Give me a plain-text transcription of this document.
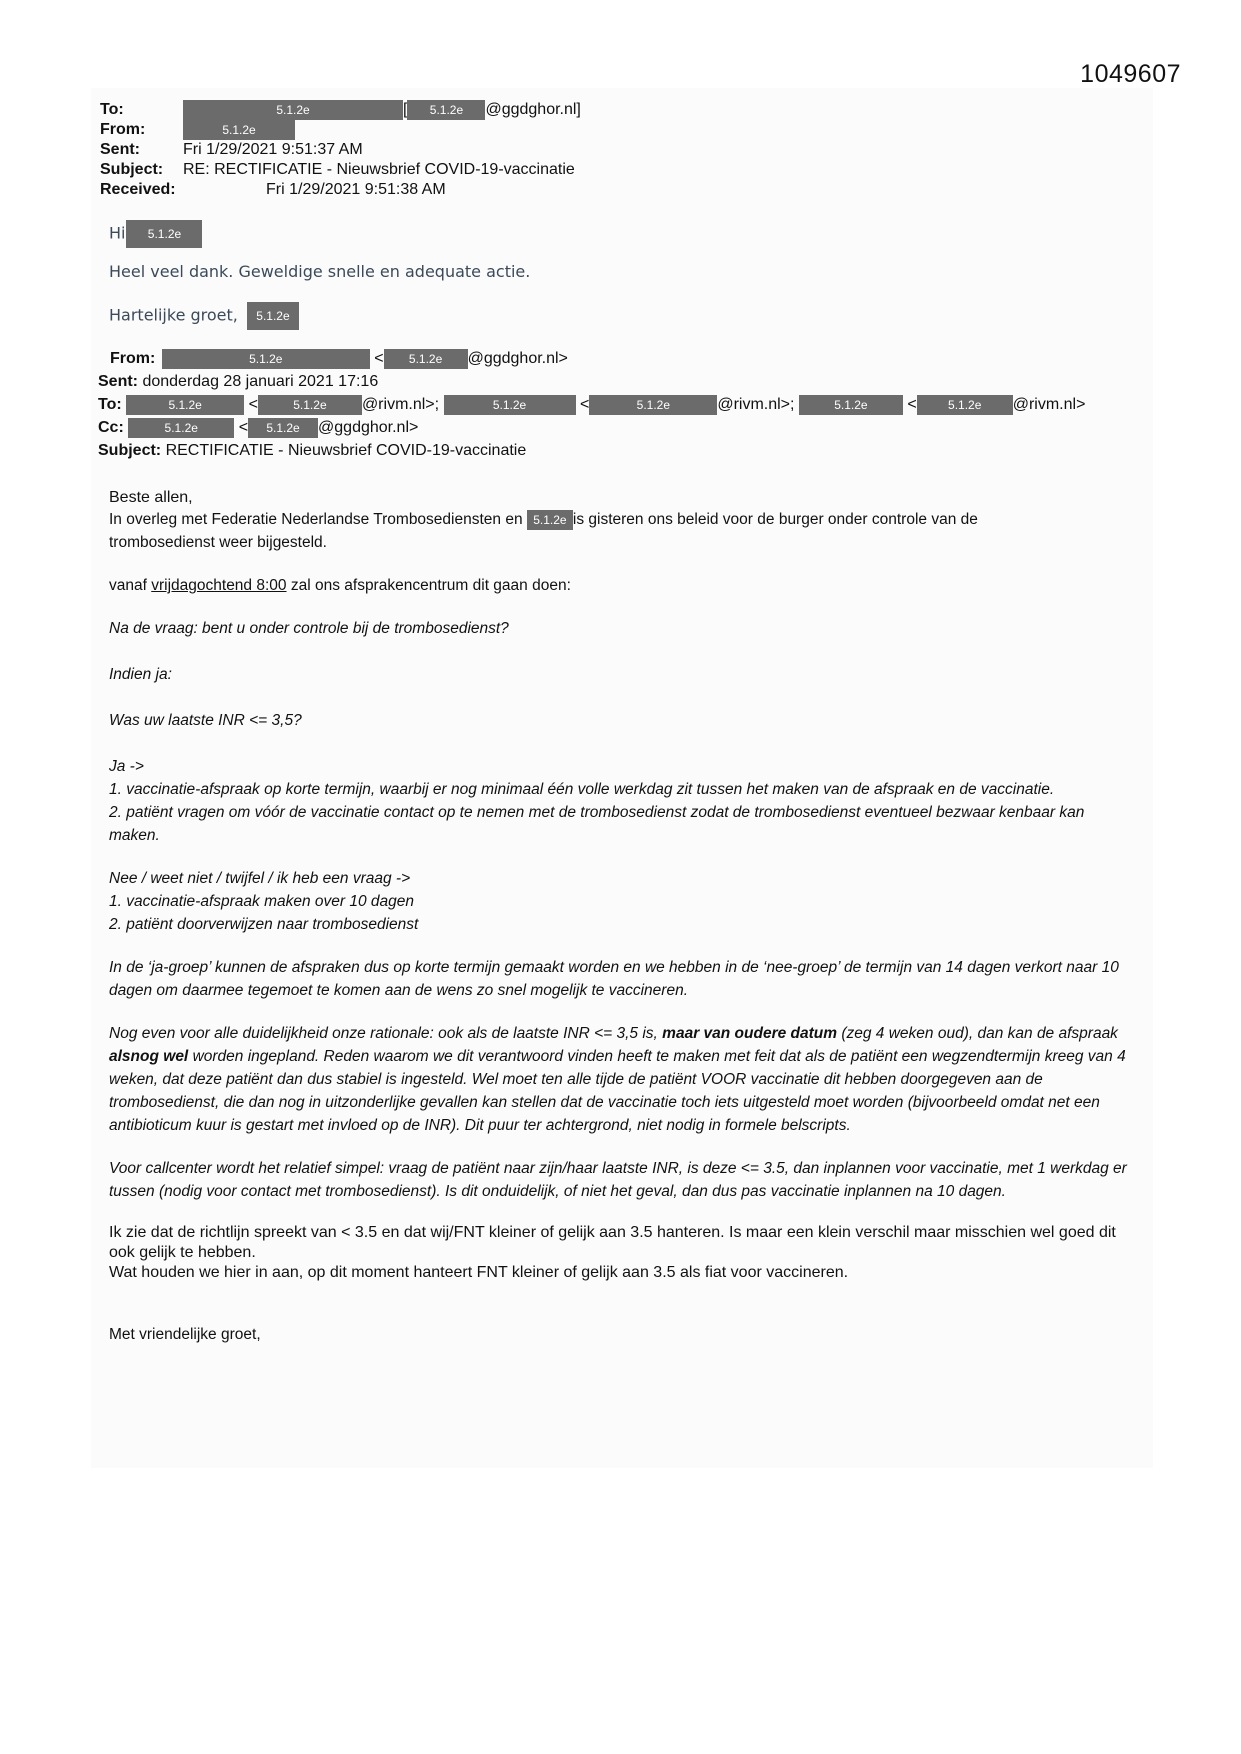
1049607
To:	5.1.2e	[ 5.1.2e @ggdghor.nl]
From:	5.1.2e
Sent:	Fri 1/29/2021 9:51:37 AM
Subject: RE: RECTIFICATIE - Nieuwsbrief COVID-19-vaccinatie
Received:	Fri 1/29/2021 9:51:38 AM
Hi 5.1.2e
Heel veel dank. Geweldige snelle en adequate actie.
Hartelijke groet, 5.1.2e
From:	5.1.2e	< 5.1.2e @ggdghor.nl>
Sent: donderdag 28 januari 2021 17:16
To:	5.1.2e	<	5.1.2e @rivm.nl>;	5.1.2e	<	5.1.2e	@rivm.nl>;	5.1.2e <	5.1.2e @rivm.nl>
Cc:	5.1.2e	< 5.1.2e @ggdghor.nl>
Subject: RECTIFICATIE - Nieuwsbrief COVID-19-vaccinatie

Beste allen,

In overleg met Federatie Nederlandse Trombosediensten en 5.1.2e is gisteren ons beleid voor de burger onder controle van de
trombosedienst weer bijgesteld.

vanaf vrijdagochtend 8:00 zal ons afsprakencentrum dit gaan doen:

Na de vraag: bent u onder controle bij de trombosedienst?

Indien ja:

Was uw laatste INR <= 3,5?

Ja ->

1. vaccinatie-afspraak op korte termijn, waarbij er nog minimaal één volle werkdag zit tussen het maken van de afspraak en de vaccinatie.

2. patiënt vragen om vóór de vaccinatie contact op te nemen met de trombosedienst zodat de trombosedienst eventueel bezwaar kenbaar kan maken.

Nee / weet niet / twijfel / ik heb een vraag ->

1. vaccinatie-afspraak maken over 10 dagen

2. patiënt doorverwijzen naar trombosedienst

In de ‘ja-groep’ kunnen de afspraken dus op korte termijn gemaakt worden en we hebben in de ‘nee-groep’ de termijn van 14 dagen verkort naar 10 dagen om daarmee tegemoet te komen aan de wens zo snel mogelijk te vaccineren.

Nog even voor alle duidelijkheid onze rationale: ook als de laatste INR <= 3,5 is, maar van oudere datum (zeg 4 weken oud), dan kan de afspraak alsnog wel worden ingepland. Reden waarom we dit verantwoord vinden heeft te maken met feit dat als de patiënt een wegzendtermijn kreeg van 4 weken, dat deze patiënt dan dus stabiel is ingesteld. Wel moet ten alle tijde de patiënt VOOR vaccinatie dit hebben doorgegeven aan de trombosedienst, die dan nog in uitzonderlijke gevallen kan stellen dat de vaccinatie toch iets uitgesteld moet worden (bijvoorbeeld omdat net een antibioticum kuur is gestart met invloed op de INR). Dit puur ter achtergrond, niet nodig in formele belscripts.

Voor callcenter wordt het relatief simpel: vraag de patiënt naar zijn/haar laatste INR, is deze <= 3.5, dan inplannen voor vaccinatie, met 1 werkdag er tussen (nodig voor contact met trombosedienst). Is dit onduidelijk, of niet het geval, dan dus pas vaccinatie inplannen na 10 dagen.

Ik zie dat de richtlijn spreekt van < 3.5 en dat wij/FNT kleiner of gelijk aan 3.5 hanteren. Is maar een klein verschil maar misschien wel goed dit ook gelijk te hebben.

Wat houden we hier in aan, op dit moment hanteert FNT kleiner of gelijk aan 3.5 als fiat voor vaccineren.

Met vriendelijke groet,
